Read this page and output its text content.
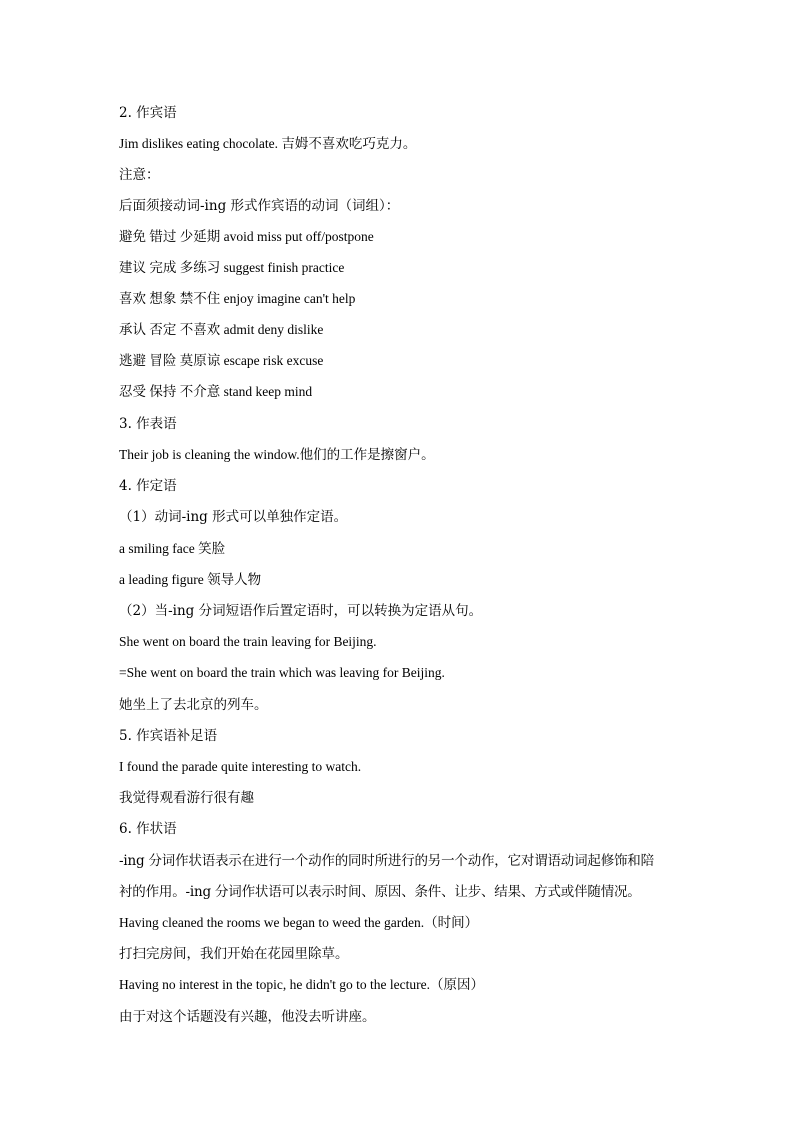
2. 作宾语
Jim dislikes eating chocolate. 吉姆不喜欢吃巧克力。
注意：
后面须接动词-ing 形式作宾语的动词（词组）：
避免 错过 少延期 avoid miss put off/postpone
建议 完成 多练习 suggest finish practice
喜欢 想象 禁不住 enjoy imagine can't help
承认 否定 不喜欢 admit deny dislike
逃避 冒险 莫原谅 escape risk excuse
忍受 保持 不介意 stand keep mind
3. 作表语
Their job is cleaning the window.他们的工作是擦窗户。
4. 作定语
（1）动词-ing 形式可以单独作定语。
a smiling face 笑脸
a leading figure 领导人物
（2）当-ing 分词短语作后置定语时，可以转换为定语从句。
She went on board the train leaving for Beijing.
=She went on board the train which was leaving for Beijing.
她坐上了去北京的列车。
5. 作宾语补足语
I found the parade quite interesting to watch.
我觉得观看游行很有趣
6. 作状语
-ing 分词作状语表示在进行一个动作的同时所进行的另一个动作，它对谓语动词起修饰和陪
衬的作用。-ing 分词作状语可以表示时间、原因、条件、让步、结果、方式或伴随情况。
Having cleaned the rooms we began to weed the garden.（时间）
打扫完房间，我们开始在花园里除草。
Having no interest in the topic, he didn't go to the lecture.（原因）
由于对这个话题没有兴趣，他没去听讲座。
